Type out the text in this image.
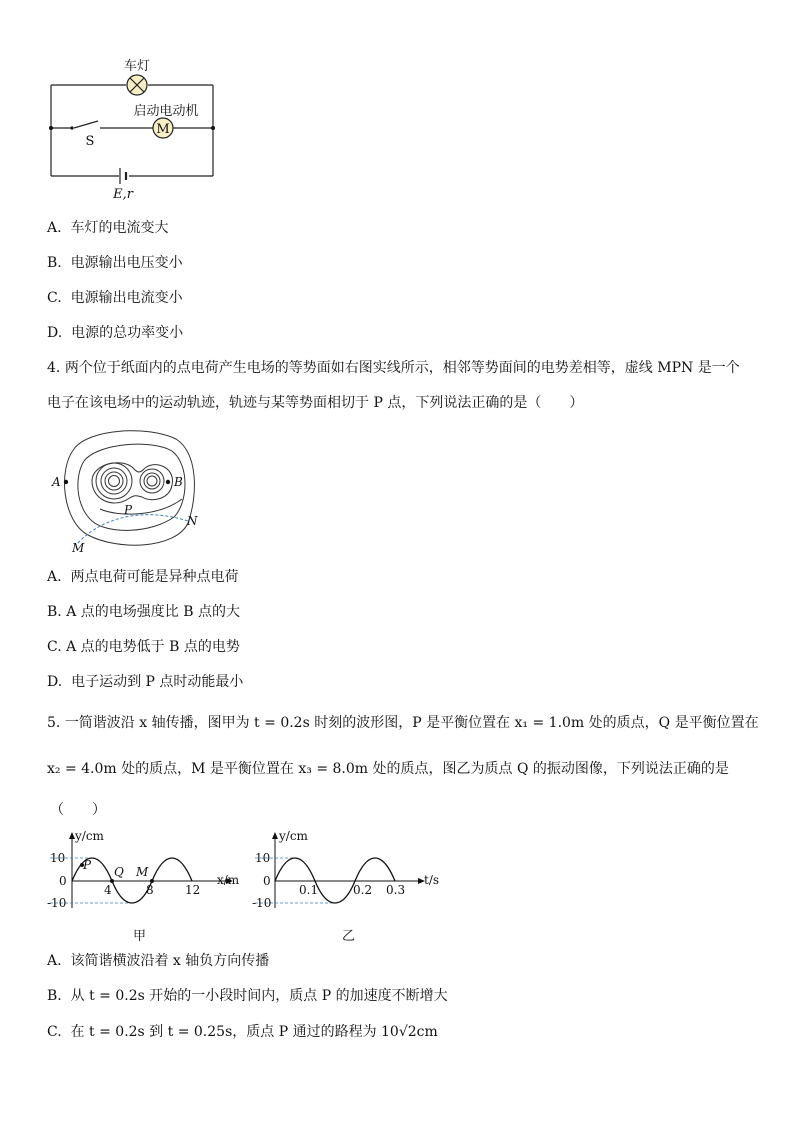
M
车灯
启动电动机
S
E,r
A. 车灯的电流变大
B. 电源输出电压变小
C. 电源输出电流变小
D. 电源的总功率变小
4. 两个位于纸面内的点电荷产生电场的等势面如右图实线所示，相邻等势面间的电势差相等，虚线 MPN 是一个
电子在该电场中的运动轨迹，轨迹与某等势面相切于 P 点，下列说法正确的是（　　）
A	B
P
M
N
A. 两点电荷可能是异种点电荷
B. A 点的电场强度比 B 点的大
C. A 点的电势低于 B 点的电势
D. 电子运动到 P 点时动能最小
5. 一简谐波沿 x 轴传播，图甲为 t = 0.2s 时刻的波形图，P 是平衡位置在 x₁ = 1.0m 处的质点，Q 是平衡位置在
x₂ = 4.0m 处的质点，M 是平衡位置在 x₃ = 8.0m 处的质点，图乙为质点 Q 的振动图像，下列说法正确的是
（　　）
y/cm
x/m
10
0
-10
4	8	12
P Q M
甲
y/cm
t/s
10
0
-10
0.1	0.2 0.3
乙
A. 该简谐横波沿着 x 轴负方向传播
B. 从 t = 0.2s 开始的一小段时间内，质点 P 的加速度不断增大
C. 在 t = 0.2s 到 t = 0.25s，质点 P 通过的路程为 10√2cm
